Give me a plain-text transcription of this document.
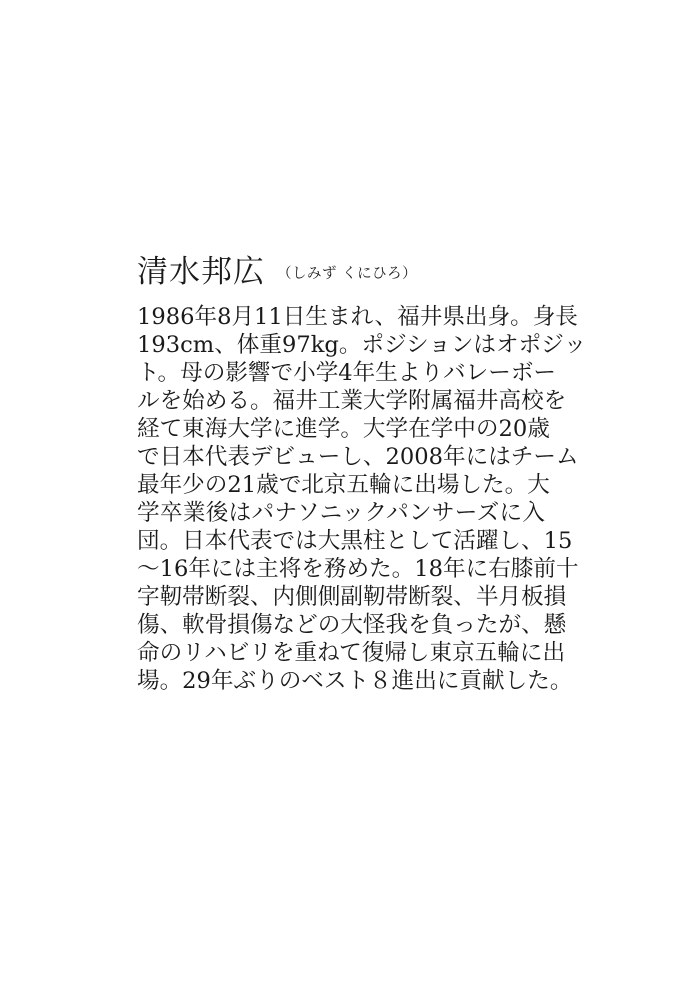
清水邦広 （しみず くにひろ）
1986年8月11日生まれ、福井県出身。身長
193cm、体重97kg。ポジションはオポジッ
ト。母の影響で小学4年生よりバレーボー
ルを始める。福井工業大学附属福井高校を
経て東海大学に進学。大学在学中の20歳
で日本代表デビューし、2008年にはチーム
最年少の21歳で北京五輪に出場した。大
学卒業後はパナソニックパンサーズに入
団。日本代表では大黒柱として活躍し、15
〜16年には主将を務めた。18年に右膝前十
字靭帯断裂、内側側副靭帯断裂、半月板損
傷、軟骨損傷などの大怪我を負ったが、懸
命のリハビリを重ねて復帰し東京五輪に出
場。29年ぶりのベスト８進出に貢献した。
